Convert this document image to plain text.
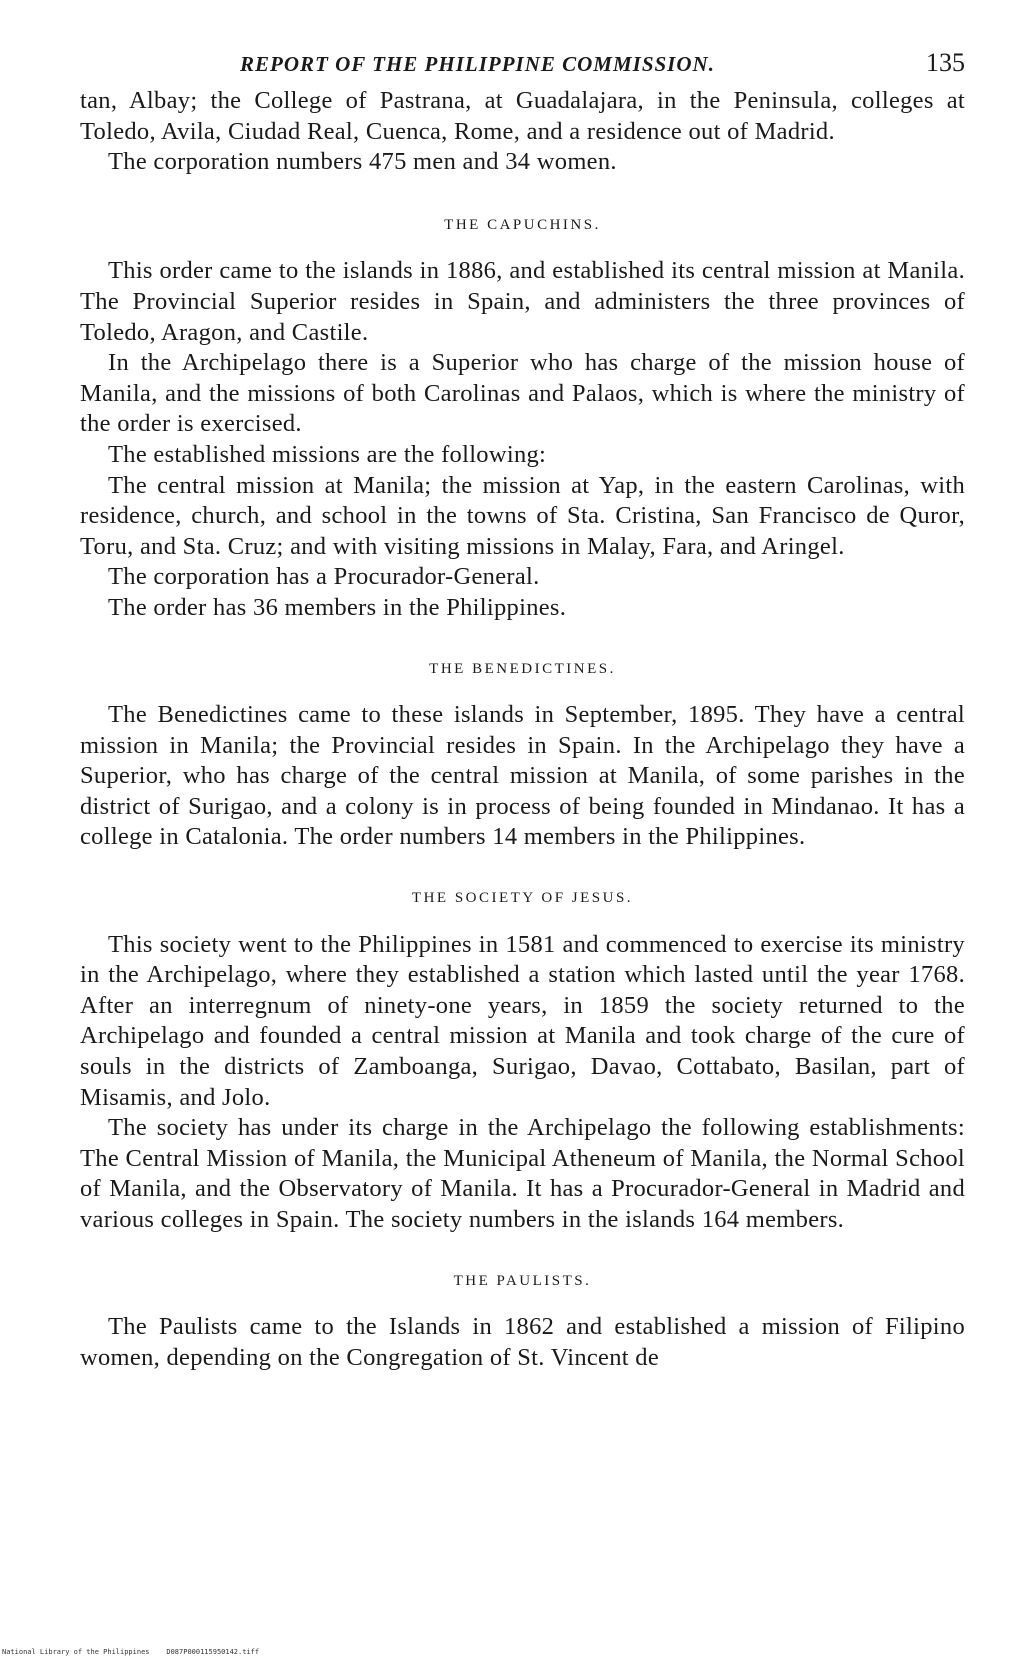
REPORT OF THE PHILIPPINE COMMISSION.	135

tan, Albay; the College of Pastrana, at Guadalajara, in the Peninsula, colleges at Toledo, Avila, Ciudad Real, Cuenca, Rome, and a residence out of Madrid.

The corporation numbers 475 men and 34 women.

THE CAPUCHINS.

This order came to the islands in 1886, and established its central mission at Manila. The Provincial Superior resides in Spain, and administers the three provinces of Toledo, Aragon, and Castile.

In the Archipelago there is a Superior who has charge of the mission house of Manila, and the missions of both Carolinas and Palaos, which is where the ministry of the order is exercised.

The established missions are the following:

The central mission at Manila; the mission at Yap, in the eastern Carolinas, with residence, church, and school in the towns of Sta. Cristina, San Francisco de Quror, Toru, and Sta. Cruz; and with visiting missions in Malay, Fara, and Aringel.

The corporation has a Procurador-General.

The order has 36 members in the Philippines.

THE BENEDICTINES.

The Benedictines came to these islands in September, 1895. They have a central mission in Manila; the Provincial resides in Spain. In the Archipelago they have a Superior, who has charge of the central mission at Manila, of some parishes in the district of Surigao, and a colony is in process of being founded in Mindanao. It has a college in Catalonia. The order numbers 14 members in the Philippines.

THE SOCIETY OF JESUS.

This society went to the Philippines in 1581 and commenced to exercise its ministry in the Archipelago, where they established a station which lasted until the year 1768. After an interregnum of ninety-one years, in 1859 the society returned to the Archipelago and founded a central mission at Manila and took charge of the cure of souls in the districts of Zamboanga, Surigao, Davao, Cottabato, Basilan, part of Misamis, and Jolo.

The society has under its charge in the Archipelago the following establishments: The Central Mission of Manila, the Municipal Atheneum of Manila, the Normal School of Manila, and the Observatory of Manila. It has a Procurador-General in Madrid and various colleges in Spain. The society numbers in the islands 164 members.

THE PAULISTS.

The Paulists came to the Islands in 1862 and established a mission of Filipino women, depending on the Congregation of St. Vincent de

National Library of the Philippines D087P000115950142.tiff
